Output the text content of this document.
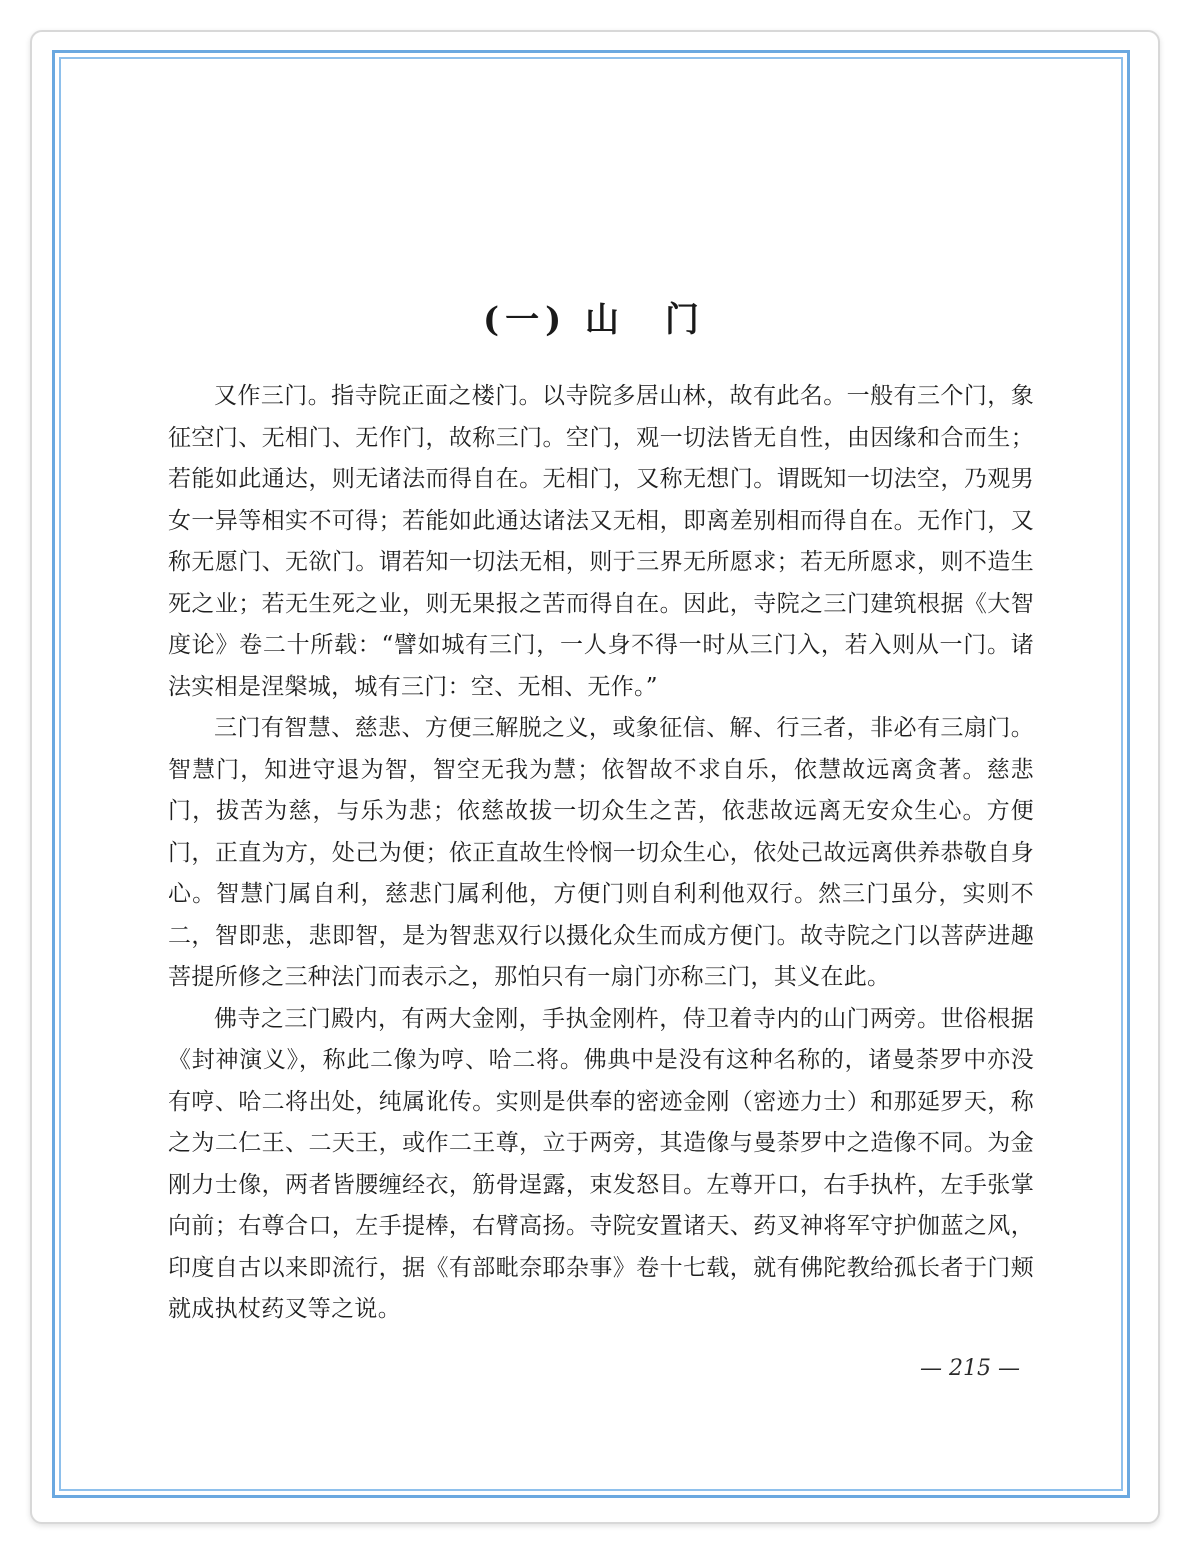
(一) 山　门

又作三门。指寺院正面之楼门。以寺院多居山林，故有此名。一般有三个门，象征空门、无相门、无作门，故称三门。空门，观一切法皆无自性，由因缘和合而生；若能如此通达，则无诸法而得自在。无相门，又称无想门。谓既知一切法空，乃观男女一异等相实不可得；若能如此通达诸法又无相，即离差别相而得自在。无作门，又称无愿门、无欲门。谓若知一切法无相，则于三界无所愿求；若无所愿求，则不造生死之业；若无生死之业，则无果报之苦而得自在。因此，寺院之三门建筑根据《大智度论》卷二十所载：“譬如城有三门，一人身不得一时从三门入，若入则从一门。诸法实相是涅槃城，城有三门：空、无相、无作。”

三门有智慧、慈悲、方便三解脱之义，或象征信、解、行三者，非必有三扇门。智慧门，知进守退为智，智空无我为慧；依智故不求自乐，依慧故远离贪著。慈悲门，拔苦为慈，与乐为悲；依慈故拔一切众生之苦，依悲故远离无安众生心。方便门，正直为方，处己为便；依正直故生怜悯一切众生心，依处己故远离供养恭敬自身心。智慧门属自利，慈悲门属利他，方便门则自利利他双行。然三门虽分，实则不二，智即悲，悲即智，是为智悲双行以摄化众生而成方便门。故寺院之门以菩萨进趣菩提所修之三种法门而表示之，那怕只有一扇门亦称三门，其义在此。

佛寺之三门殿内，有两大金刚，手执金刚杵，侍卫着寺内的山门两旁。世俗根据《封神演义》，称此二像为哼、哈二将。佛典中是没有这种名称的，诸曼荼罗中亦没有哼、哈二将出处，纯属讹传。实则是供奉的密迹金刚（密迹力士）和那延罗天，称之为二仁王、二天王，或作二王尊，立于两旁，其造像与曼荼罗中之造像不同。为金刚力士像，两者皆腰缠经衣，筋骨逞露，束发怒目。左尊开口，右手执杵，左手张掌向前；右尊合口，左手提棒，右臂高扬。寺院安置诸天、药叉神将军守护伽蓝之风，印度自古以来即流行，据《有部毗奈耶杂事》卷十七载，就有佛陀教给孤长者于门颊就成执杖药叉等之说。

— 215 —
